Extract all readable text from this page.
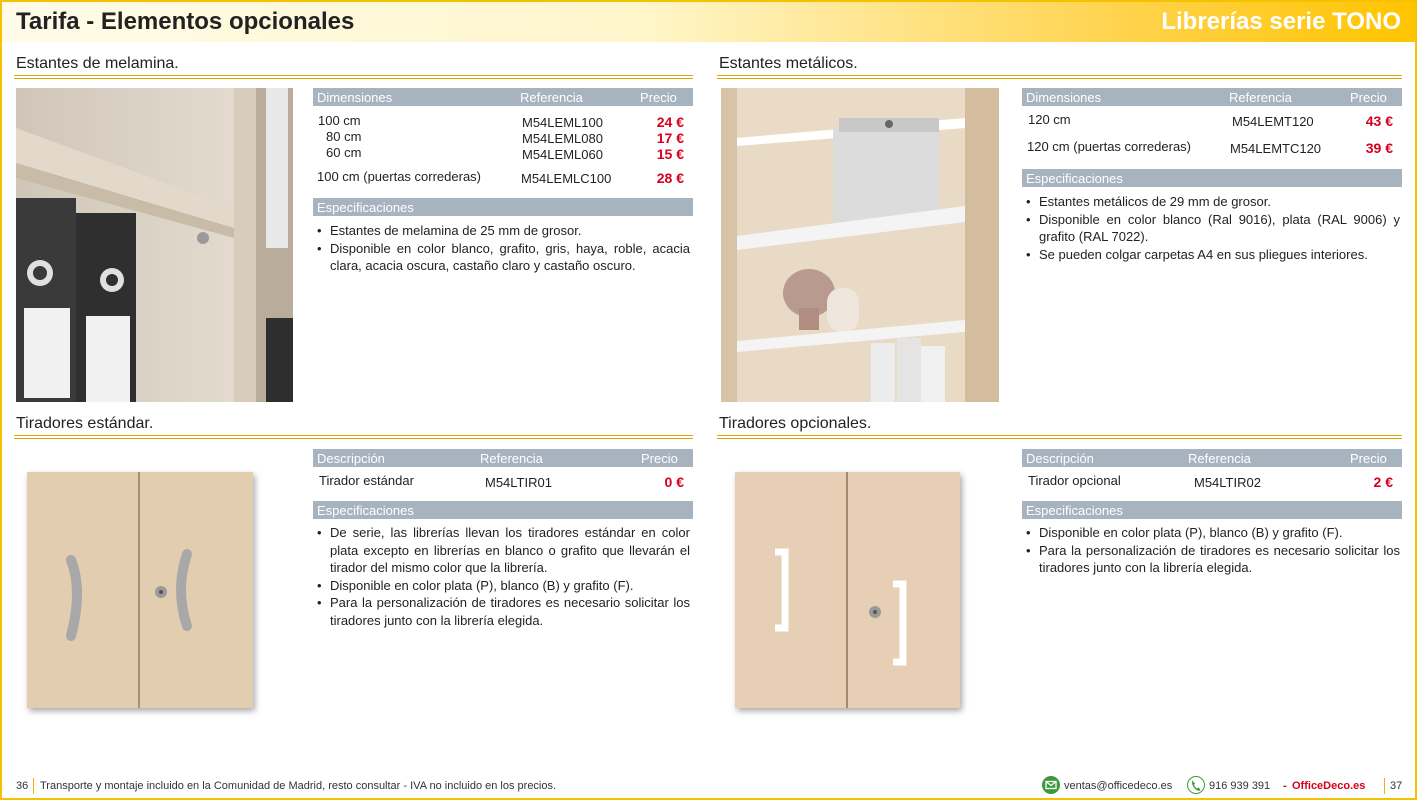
Tarifa - Elementos opcionales	Librerías serie TONO
Estantes de melamina.
Dimensiones	Referencia	Precio
100 cm	M54LEML100	24 €
80 cm	M54LEML080	17 €
60 cm	M54LEML060	15 €
100 cm (puertas correderas)	M54LEMLC100	28 €
Especificaciones
• Estantes de melamina de 25 mm de grosor.
• Disponible en color blanco, grafito, gris, haya, roble, acacia clara, acacia oscura, castaño claro y castaño oscuro.
Estantes metálicos.
Dimensiones	Referencia	Precio
120 cm	M54LEMT120	43 €
120 cm (puertas correderas)	M54LEMTC120	39 €
Especificaciones
• Estantes metálicos de 29 mm de grosor.
• Disponible en color blanco (Ral 9016), plata (RAL 9006) y grafito (RAL 7022).
• Se pueden colgar carpetas A4 en sus pliegues interiores.
Tiradores estándar.
Descripción	Referencia	Precio
Tirador estándar	M54LTIR01	0 €
Especificaciones
• De serie, las librerías llevan los tiradores estándar en color plata excepto en librerías en blanco o grafito que llevarán el tirador del mismo color que la librería.
• Disponible en color plata (P), blanco (B) y grafito (F).
• Para la personalización de tiradores es necesario solicitar los tiradores junto con la librería elegida.
Tiradores opcionales.
Descripción	Referencia	Precio
Tirador opcional	M54LTIR02	2 €
Especificaciones
• Disponible en color plata (P), blanco (B) y grafito (F).
• Para la personalización de tiradores es necesario solicitar los tiradores junto con la librería elegida.
36 Transporte y montaje incluido en la Comunidad de Madrid, resto consultar - IVA no incluido en los precios.	ventas@officedeco.es	916 939 391 - OfficeDeco.es 37
